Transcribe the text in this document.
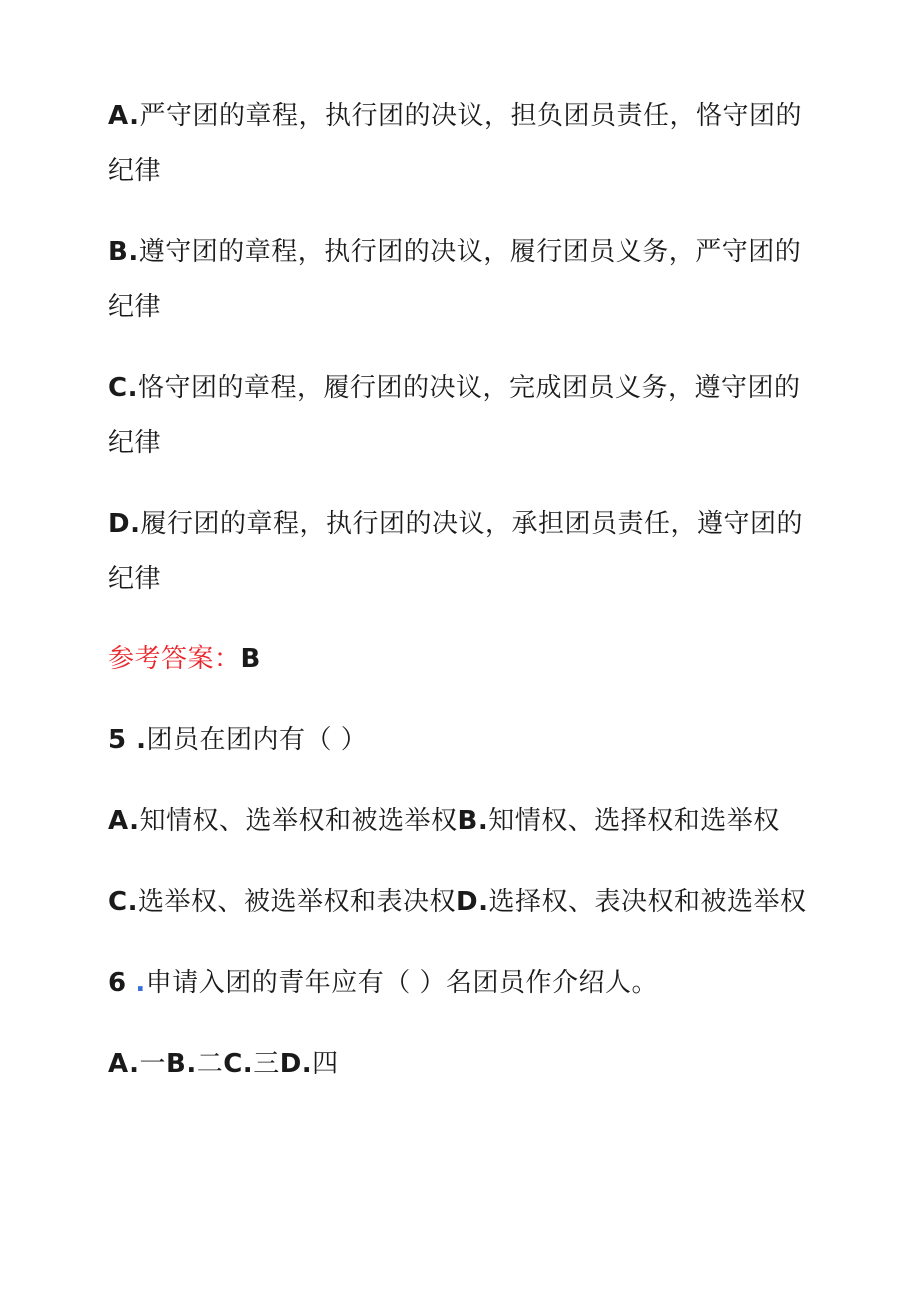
A.严守团的章程，执行团的决议，担负团员责任，恪守团的
纪律
B.遵守团的章程，执行团的决议，履行团员义务，严守团的
纪律
C.恪守团的章程，履行团的决议，完成团员义务，遵守团的
纪律
D.履行团的章程，执行团的决议，承担团员责任，遵守团的
纪律
参考答案：B
5 .团员在团内有（ ）
A.知情权、选举权和被选举权B.知情权、选择权和选举权
C.选举权、被选举权和表决权D.选择权、表决权和被选举权
6 .申请入团的青年应有（ ）名团员作介绍人。
A.一B.二C.三D.四
